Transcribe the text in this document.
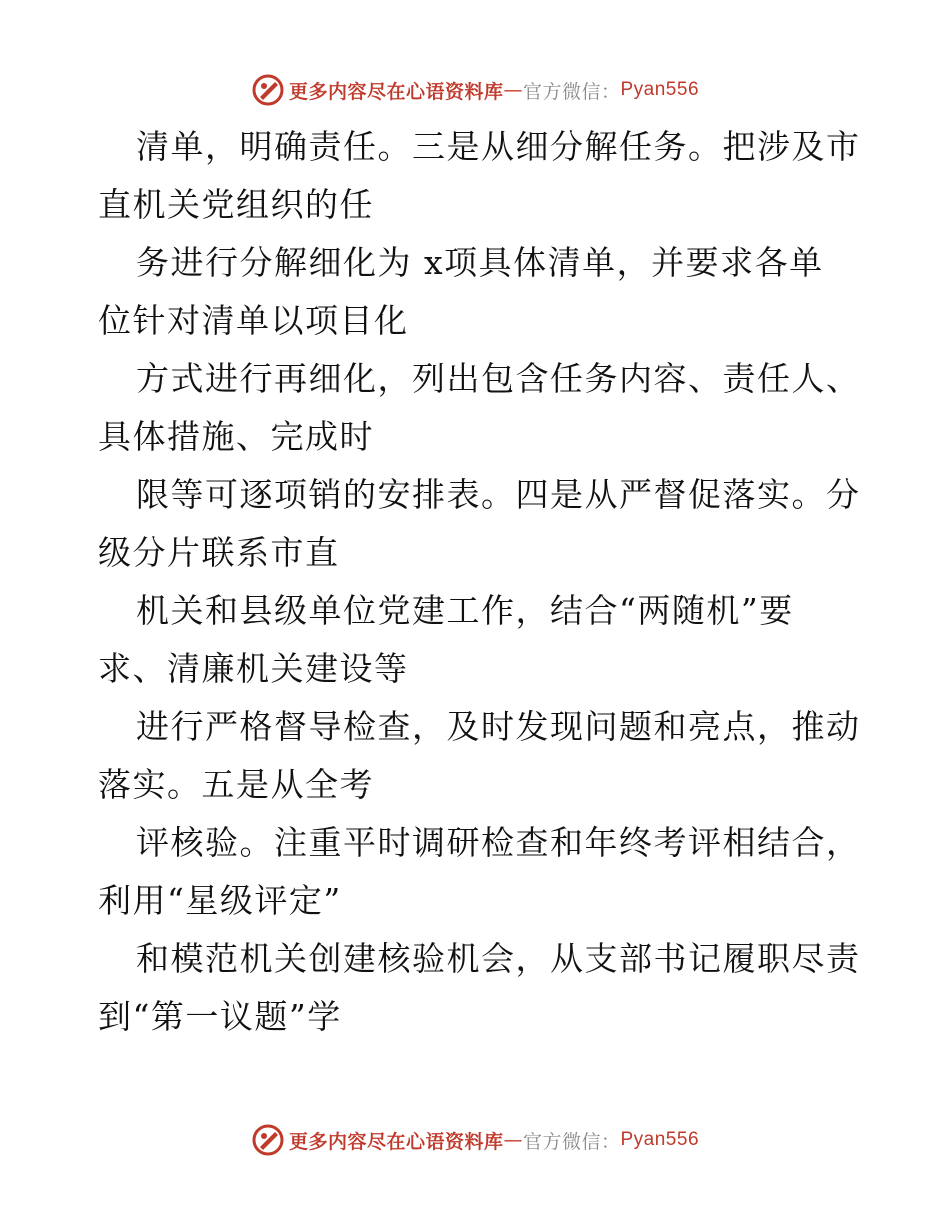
更多内容尽在心语资料库 — 官方微信： Pyan556
清单，明确责任。三是从细分解任务。把涉及市
直机关党组织的任
务进行分解细化为 x项具体清单，并要求各单
位针对清单以项目化
方式进行再细化，列出包含任务内容、责任人、
具体措施、完成时
限等可逐项销的安排表。四是从严督促落实。分
级分片联系市直
机关和县级单位党建工作，结合“两随机”要
求、清廉机关建设等
进行严格督导检查，及时发现问题和亮点，推动
落实。五是从全考
评核验。注重平时调研检查和年终考评相结合，
利用“星级评定”
和模范机关创建核验机会，从支部书记履职尽责
到“第一议题”学
更多内容尽在心语资料库 — 官方微信： Pyan556
